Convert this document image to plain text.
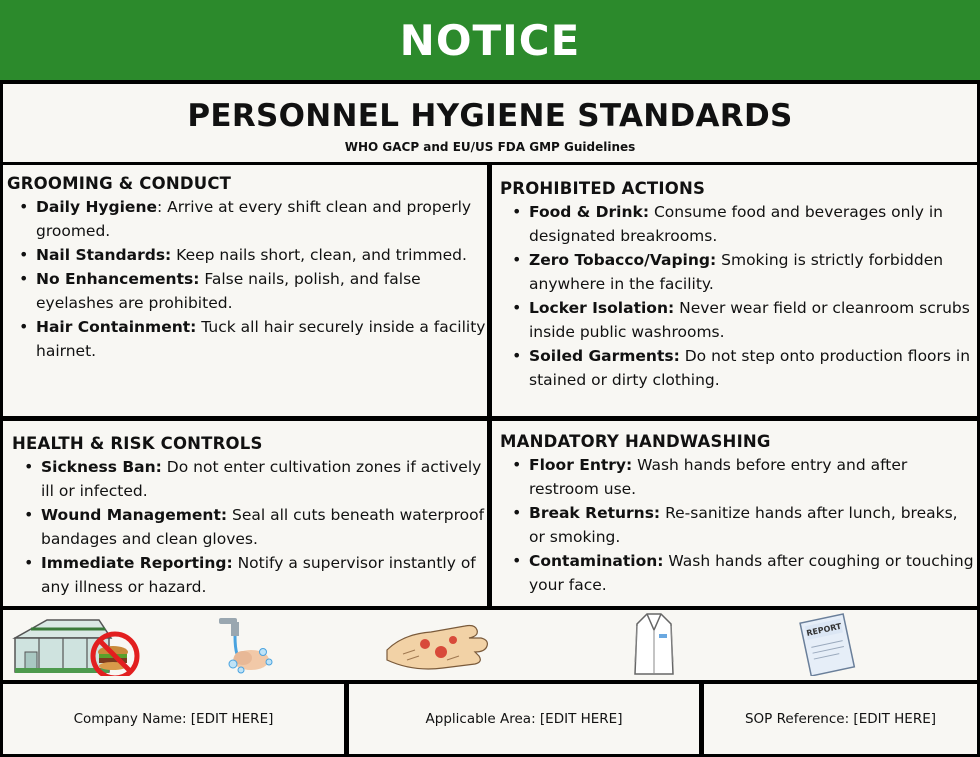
NOTICE
PERSONNEL HYGIENE STANDARDS
WHO GACP and EU/US FDA GMP Guidelines
GROOMING & CONDUCT
• Daily Hygiene: Arrive at every shift clean and properly groomed.
• Nail Standards: Keep nails short, clean, and trimmed.
• No Enhancements: False nails, polish, and false eyelashes are prohibited.
• Hair Containment: Tuck all hair securely inside a facility hairnet.
PROHIBITED ACTIONS
• Food & Drink: Consume food and beverages only in designated breakrooms.
• Zero Tobacco/Vaping: Smoking is strictly forbidden anywhere in the facility.
• Locker Isolation: Never wear field or cleanroom scrubs inside public washrooms.
• Soiled Garments: Do not step onto production floors in stained or dirty clothing.
HEALTH & RISK CONTROLS
• Sickness Ban: Do not enter cultivation zones if actively ill or infected.
• Wound Management: Seal all cuts beneath waterproof bandages and clean gloves.
• Immediate Reporting: Notify a supervisor instantly of any illness or hazard.
MANDATORY HANDWASHING
• Floor Entry: Wash hands before entry and after restroom use.
• Break Returns: Re-sanitize hands after lunch, breaks, or smoking.
• Contamination: Wash hands after coughing or touching your face.
REPORT
Company Name: [EDIT HERE]	Applicable Area: [EDIT HERE]	SOP Reference: [EDIT HERE]
